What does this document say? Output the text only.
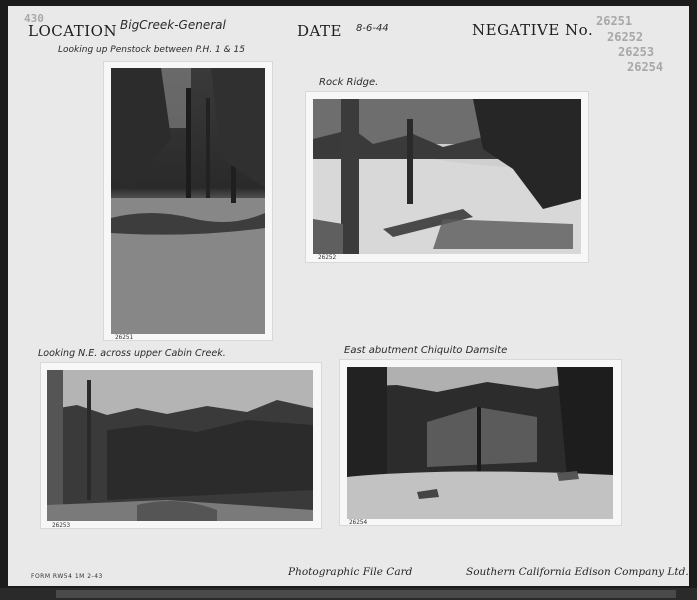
430
LOCATION BigCreek-General	DATE 8-6-44	NEGATIVE No. 26251
26252
26253
26254
Looking up Penstock between P.H. 1 & 15
Rock Ridge.
Looking N.E. across upper Cabin Creek.	East abutment Chiquito Damsite
26251
26252
26253	26254
FORM RW54 1M 2-43	Photographic File Card	Southern California Edison Company Ltd.
